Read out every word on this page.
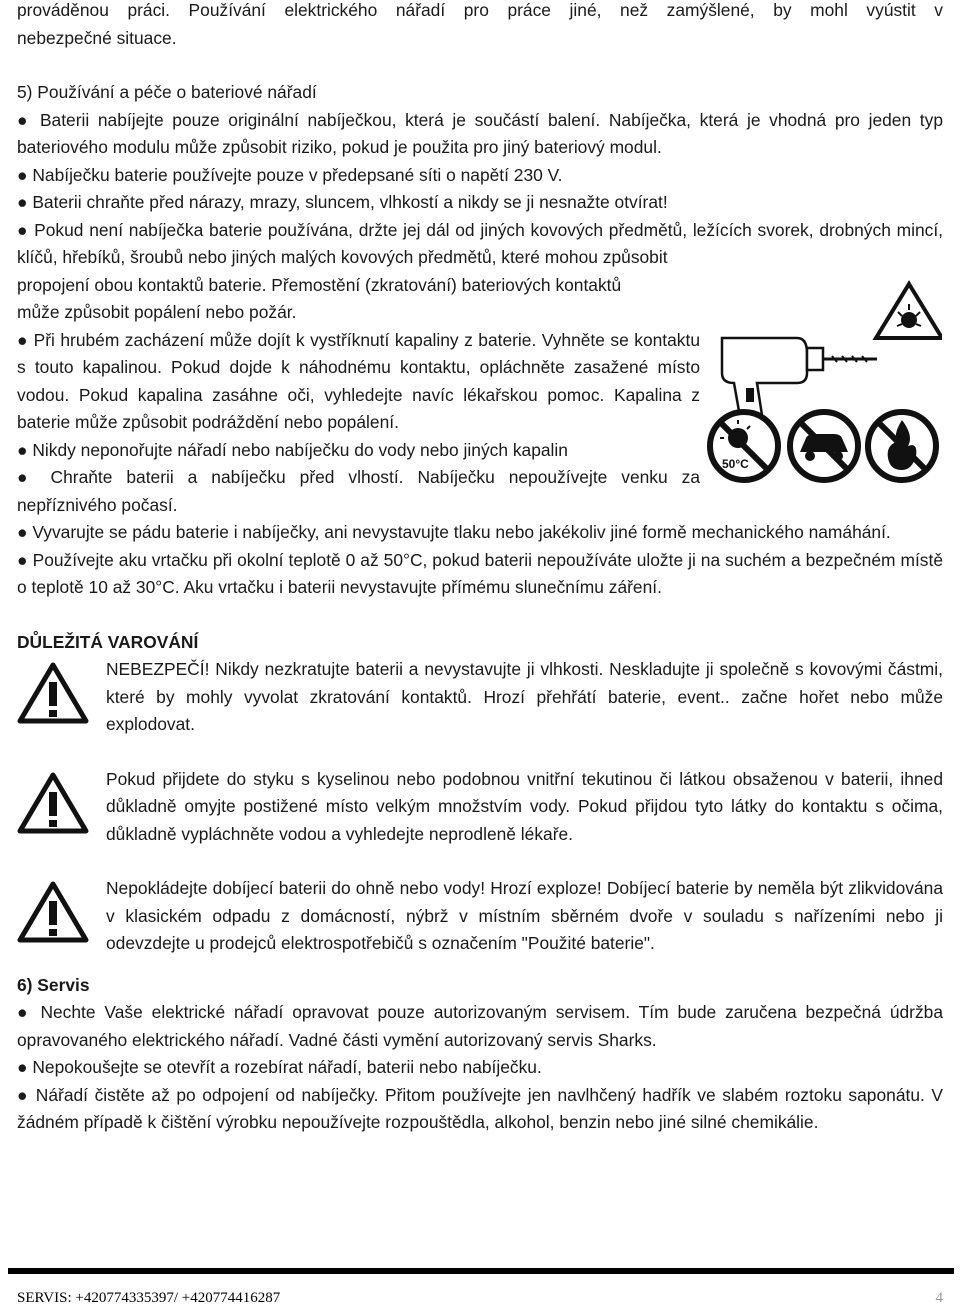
prováděnou práci. Používání elektrického nářadí pro práce jiné, než zamýšlené, by mohl vyústit v

nebezpečné situace.

5) Používání a péče o bateriové nářadí

● Baterii nabíjejte pouze originální nabíječkou, která je součástí balení. Nabíječka, která je vhodná pro jeden typ bateriového modulu může způsobit riziko, pokud je použita pro jiný bateriový modul.

● Nabíječku baterie používejte pouze v předepsané síti o napětí 230 V.

● Baterii chraňte před nárazy, mrazy, sluncem, vlhkostí a nikdy se ji nesnažte otvírat!

● Pokud není nabíječka baterie používána, držte jej dál od jiných kovových předmětů, ležících svorek, drobných mincí, klíčů, hřebíků, šroubů nebo jiných malých kovových předmětů, které mohou způsobit

propojení obou kontaktů baterie. Přemostění (zkratování) bateriových kontaktů

může způsobit popálení nebo požár.

● Při hrubém zacházení může dojít k vystříknutí kapaliny z baterie. Vyhněte se kontaktu s touto kapalinou. Pokud dojde k náhodnému kontaktu, opláchněte zasažené místo vodou. Pokud kapalina zasáhne oči, vyhledejte navíc lékařskou pomoc. Kapalina z baterie může způsobit podráždění nebo popálení.

● Nikdy neponořujte nářadí nebo nabíječku do vody nebo jiných kapalin

● Chraňte baterii a nabíječku před vlhostí. Nabíječku nepoužívejte venku za

50°C

nepříznivého počasí.

● Vyvarujte se pádu baterie i nabíječky, ani nevystavujte tlaku nebo jakékoliv jiné formě mechanického namáhání.

● Používejte aku vrtačku při okolní teplotě 0 až 50°C, pokud baterii nepoužíváte uložte ji na suchém a bezpečném místě o teplotě 10 až 30°C. Aku vrtačku i baterii nevystavujte přímému slunečnímu záření.

DŮLEŽITÁ VAROVÁNÍ

NEBEZPEČÍ! Nikdy nezkratujte baterii a nevystavujte ji vlhkosti. Neskladujte ji společně s kovovými částmi, které by mohly vyvolat zkratování kontaktů. Hrozí přehřátí baterie, event.. začne hořet nebo může explodovat.

Pokud přijdete do styku s kyselinou nebo podobnou vnitřní tekutinou či látkou obsaženou v baterii, ihned důkladně omyjte postižené místo velkým množstvím vody. Pokud přijdou tyto látky do kontaktu s očima, důkladně vypláchněte vodou a vyhledejte neprodleně lékaře.

Nepokládejte dobíjecí baterii do ohně nebo vody! Hrozí exploze! Dobíjecí baterie by neměla být zlikvidována v klasickém odpadu z domácností, nýbrž v místním sběrném dvoře v souladu s nařízeními nebo ji odevzdejte u prodejců elektrospotřebičů s označením "Použité baterie".

6) Servis

● Nechte Vaše elektrické nářadí opravovat pouze autorizovaným servisem. Tím bude zaručena bezpečná údržba opravovaného elektrického nářadí. Vadné části vymění autorizovaný servis Sharks.

● Nepokoušejte se otevřít a rozebírat nářadí, baterii nebo nabíječku.

● Nářadí čistěte až po odpojení od nabíječky. Přitom používejte jen navlhčený hadřík ve slabém roztoku saponátu. V žádném případě k čištění výrobku nepoužívejte rozpouštědla, alkohol, benzin nebo jiné silné chemikálie.

SERVIS: +420774335397/ +420774416287	4
